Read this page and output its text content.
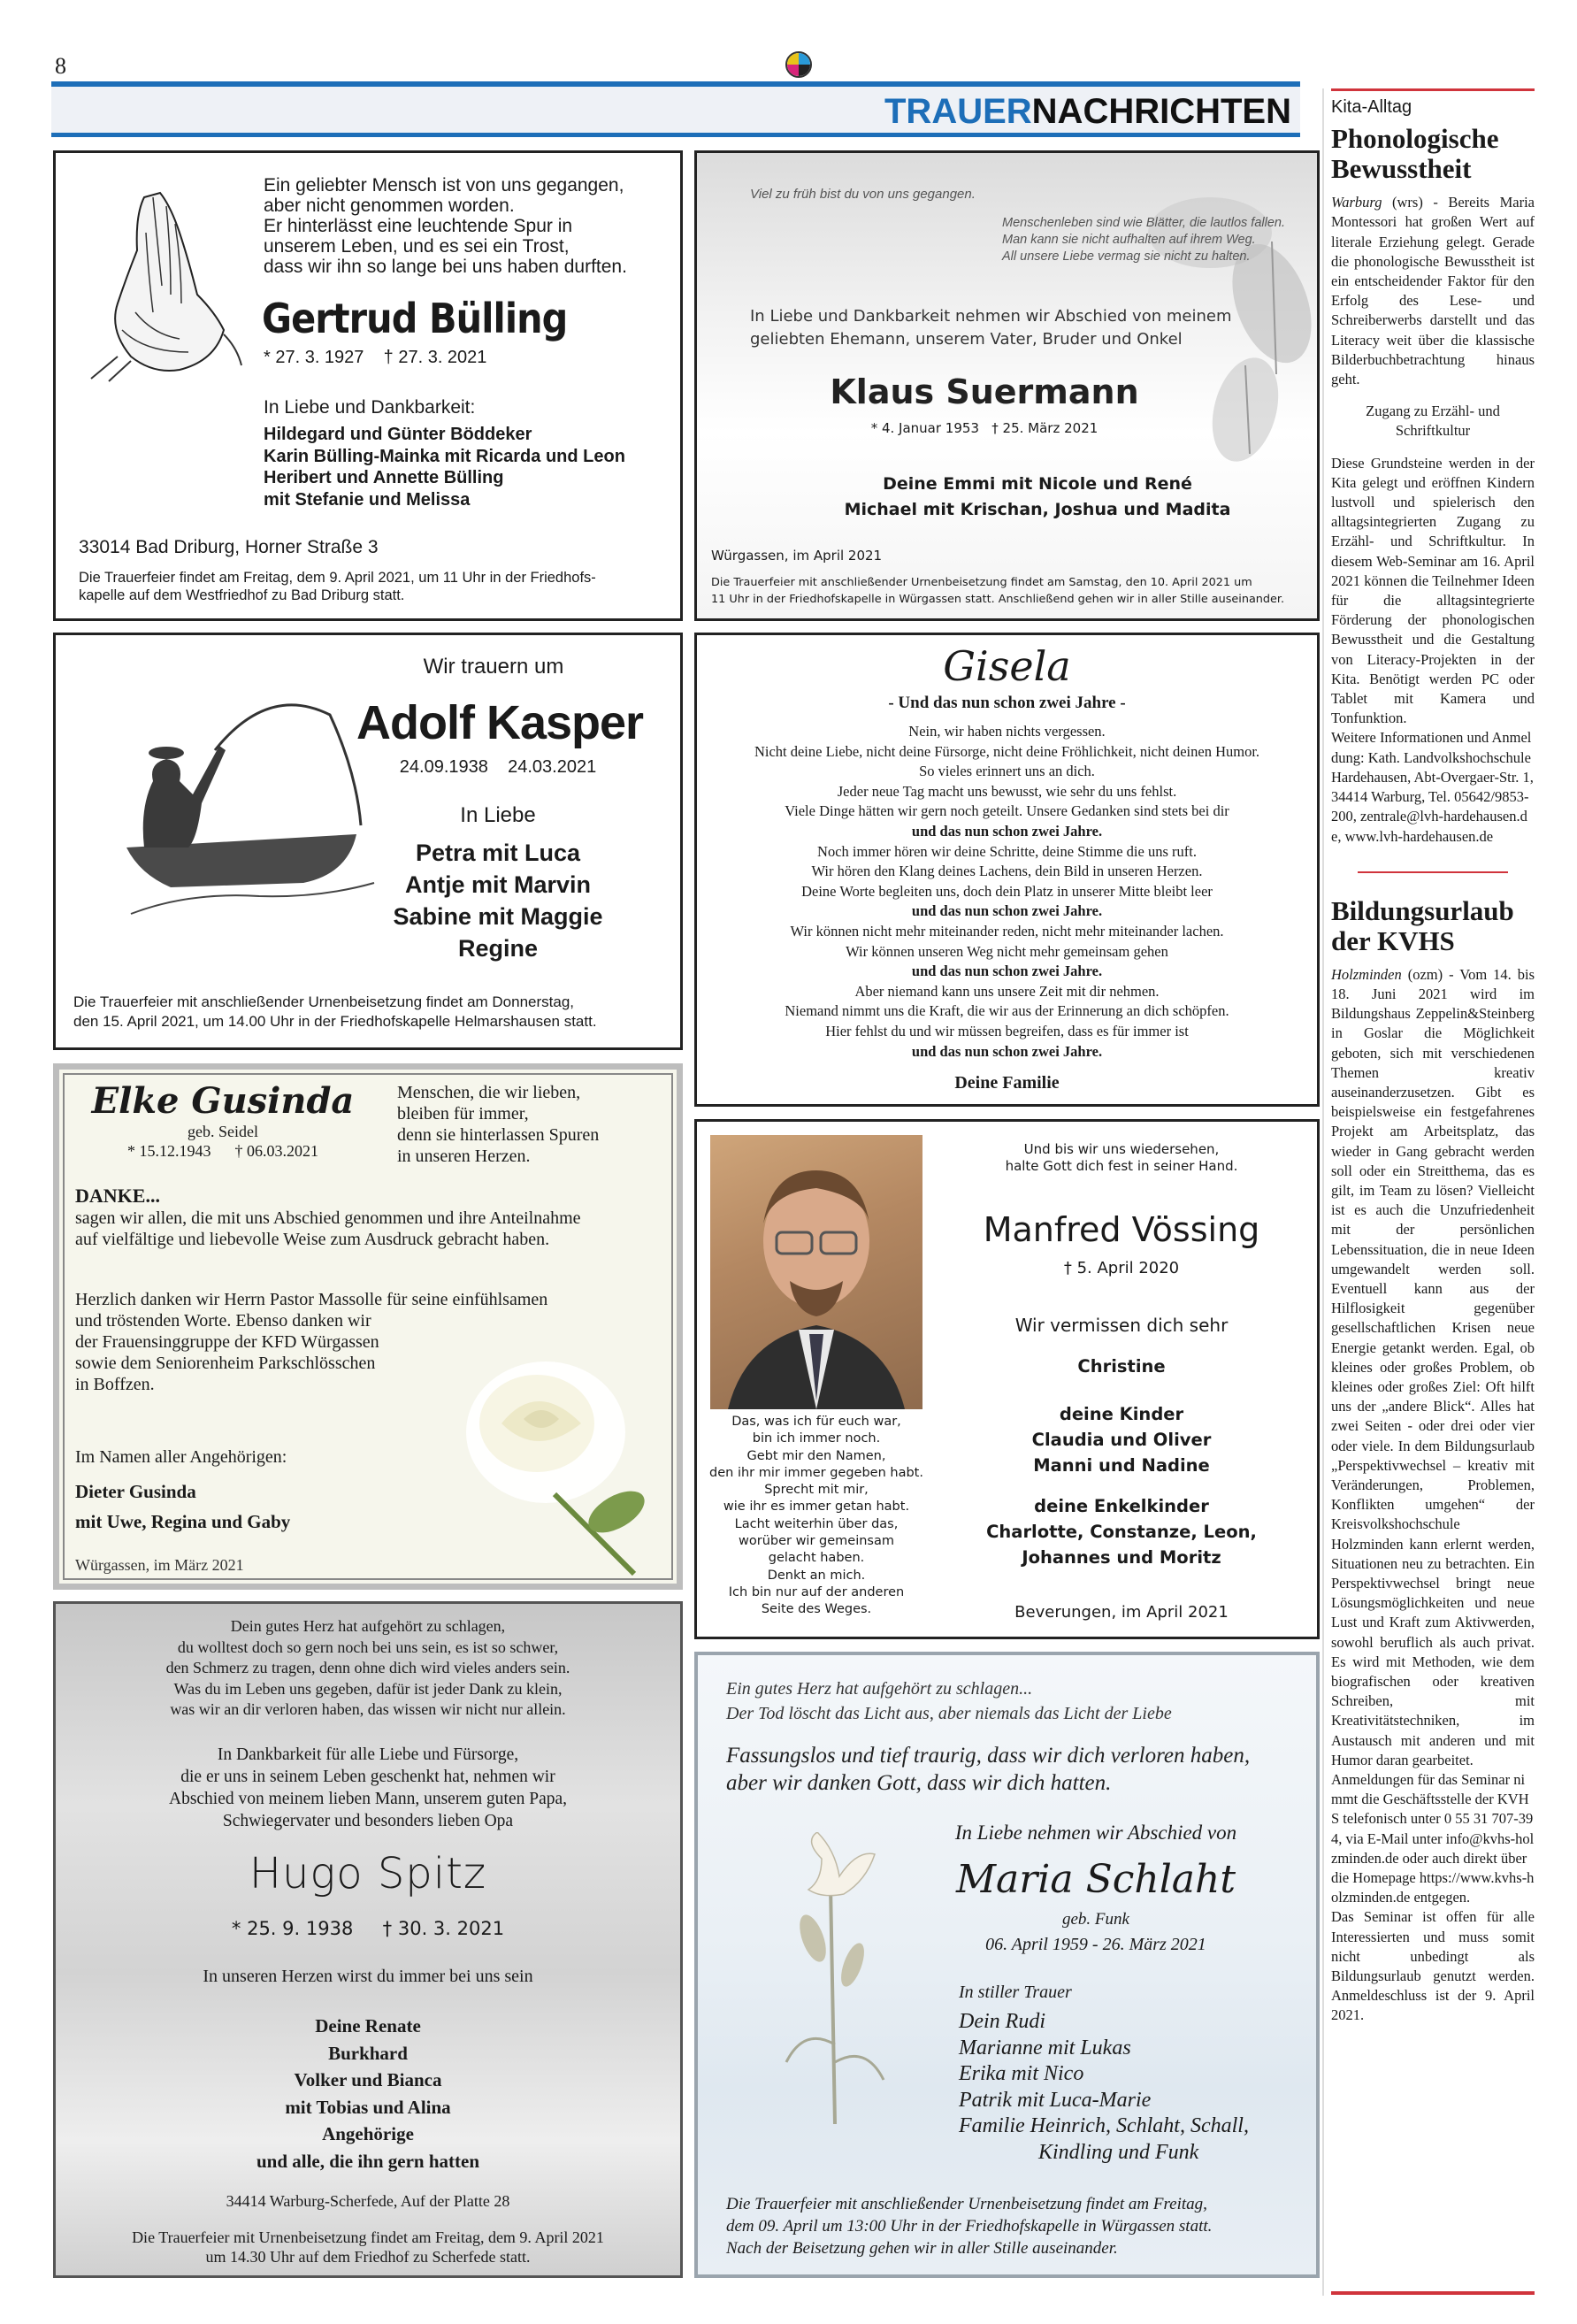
8
TRAUERNACHRICHTEN
Ein geliebter Mensch ist von uns gegangen,
aber nicht genommen worden.
Er hinterlässt eine leuchtende Spur in
unserem Leben, und es sei ein Trost,
dass wir ihn so lange bei uns haben durften.
Gertrud Bülling
* 27. 3. 1927    † 27. 3. 2021
In Liebe und Dankbarkeit:
Hildegard und Günter Böddeker
Karin Bülling-Mainka mit Ricarda und Leon
Heribert und Annette Bülling
mit Stefanie und Melissa
33014 Bad Driburg, Horner Straße 3
Die Trauerfeier findet am Freitag, dem 9. April 2021, um 11 Uhr in der Friedhofs-
kapelle auf dem Westfriedhof zu Bad Driburg statt.
Viel zu früh bist du von uns gegangen.
Menschenleben sind wie Blätter, die lautlos fallen.
Man kann sie nicht aufhalten auf ihrem Weg.
All unsere Liebe vermag sie nicht zu halten.
In Liebe und Dankbarkeit nehmen wir Abschied von meinem
geliebten Ehemann, unserem Vater, Bruder und Onkel
Klaus Suermann
* 4. Januar 1953   † 25. März 2021
Deine Emmi mit Nicole und René
Michael mit Krischan, Joshua und Madita
Würgassen, im April 2021
Die Trauerfeier mit anschließender Urnenbeisetzung findet am Samstag, den 10. April 2021 um
11 Uhr in der Friedhofskapelle in Würgassen statt. Anschließend gehen wir in aller Stille auseinander.
Wir trauern um
Adolf Kasper
24.09.1938    24.03.2021
In Liebe
Petra mit Luca
Antje mit Marvin
Sabine mit Maggie
Regine
Die Trauerfeier mit anschließender Urnenbeisetzung findet am Donnerstag,
den 15. April 2021, um 14.00 Uhr in der Friedhofskapelle Helmarshausen statt.
Gisela
- Und das nun schon zwei Jahre -
Nein, wir haben nichts vergessen.
Nicht deine Liebe, nicht deine Fürsorge, nicht deine Fröhlichkeit, nicht deinen Humor.
So vieles erinnert uns an dich.
Jeder neue Tag macht uns bewusst, wie sehr du uns fehlst.
Viele Dinge hätten wir gern noch geteilt. Unsere Gedanken sind stets bei dir
und das nun schon zwei Jahre.
Noch immer hören wir deine Schritte, deine Stimme die uns ruft.
Wir hören den Klang deines Lachens, dein Bild in unseren Herzen.
Deine Worte begleiten uns, doch dein Platz in unserer Mitte bleibt leer
und das nun schon zwei Jahre.
Wir können nicht mehr miteinander reden, nicht mehr miteinander lachen.
Wir können unseren Weg nicht mehr gemeinsam gehen
und das nun schon zwei Jahre.
Aber niemand kann uns unsere Zeit mit dir nehmen.
Niemand nimmt uns die Kraft, die wir aus der Erinnerung an dich schöpfen.
Hier fehlst du und wir müssen begreifen, dass es für immer ist
und das nun schon zwei Jahre.
Deine Familie
Elke Gusinda
geb. Seidel
* 15.12.1943      † 06.03.2021
Menschen, die wir lieben,
bleiben für immer,
denn sie hinterlassen Spuren
in unseren Herzen.
DANKE...
sagen wir allen, die mit uns Abschied genommen und ihre Anteilnahme
auf vielfältige und liebevolle Weise zum Ausdruck gebracht haben.
Herzlich danken wir Herrn Pastor Massolle für seine einfühlsamen
und tröstenden Worte. Ebenso danken wir
der Frauensinggruppe der KFD Würgassen
sowie dem Seniorenheim Parkschlösschen
in Boffzen.
Im Namen aller Angehörigen:
Dieter Gusinda
mit Uwe, Regina und Gaby
Würgassen, im März 2021
Das, was ich für euch war,
bin ich immer noch.
Gebt mir den Namen,
den ihr mir immer gegeben habt.
Sprecht mit mir,
wie ihr es immer getan habt.
Lacht weiterhin über das,
worüber wir gemeinsam
gelacht haben.
Denkt an mich.
Ich bin nur auf der anderen
Seite des Weges.
Und bis wir uns wiedersehen,
halte Gott dich fest in seiner Hand.
Manfred Vössing
† 5. April 2020
Wir vermissen dich sehr
Christine
deine Kinder
Claudia und Oliver
Manni und Nadine
deine Enkelkinder
Charlotte, Constanze, Leon,
Johannes und Moritz
Beverungen, im April 2021
Dein gutes Herz hat aufgehört zu schlagen,
du wolltest doch so gern noch bei uns sein, es ist so schwer,
den Schmerz zu tragen, denn ohne dich wird vieles anders sein.
Was du im Leben uns gegeben, dafür ist jeder Dank zu klein,
was wir an dir verloren haben, das wissen wir nicht nur allein.
In Dankbarkeit für alle Liebe und Fürsorge,
die er uns in seinem Leben geschenkt hat, nehmen wir
Abschied von meinem lieben Mann, unserem guten Papa,
Schwiegervater und besonders lieben Opa
Hugo Spitz
* 25. 9. 1938     † 30. 3. 2021
In unseren Herzen wirst du immer bei uns sein
Deine Renate
Burkhard
Volker und Bianca
mit Tobias und Alina
Angehörige
und alle, die ihn gern hatten
34414 Warburg-Scherfede, Auf der Platte 28
Die Trauerfeier mit Urnenbeisetzung findet am Freitag, dem 9. April 2021
um 14.30 Uhr auf dem Friedhof zu Scherfede statt.
Ein gutes Herz hat aufgehört zu schlagen...
Der Tod löscht das Licht aus, aber niemals das Licht der Liebe
Fassungslos und tief traurig, dass wir dich verloren haben,
aber wir danken Gott, dass wir dich hatten.
In Liebe nehmen wir Abschied von
Maria Schlaht
geb. Funk
06. April 1959 - 26. März 2021
In stiller Trauer
Dein Rudi
Marianne mit Lukas
Erika mit Nico
Patrik mit Luca-Marie
Familie Heinrich, Schlaht, Schall,
Kindling und Funk
Die Trauerfeier mit anschließender Urnenbeisetzung findet am Freitag,
dem 09. April um 13:00 Uhr in der Friedhofskapelle in Würgassen statt.
Nach der Beisetzung gehen wir in aller Stille auseinander.
Kita-Alltag
Phonologische Bewusstheit

Warburg (wrs) - Bereits Maria Montessori hat großen Wert auf literale Erziehung gelegt. Gerade die phonologische Bewusstheit ist ein entscheidender Faktor für den Erfolg des Lese- und Schreiberwerbs darstellt und das Literacy weit über die klassische Bilderbuchbetrachtung hinaus geht.

Zugang zu Erzähl- und Schriftkultur

Diese Grundsteine werden in der Kita gelegt und eröffnen Kindern lustvoll und spielerisch den alltagsintegrierten Zugang zu Erzähl- und Schriftkultur. In diesem Web-Seminar am 16. April 2021 können die Teilnehmer Ideen für die alltagsintegrierte Förderung der phonologischen Bewusstheit und die Gestaltung von Literacy-Projekten in der Kita. Benötigt werden PC oder Tablet mit Kamera und Tonfunktion.

Weitere Informationen und Anmeldung: Kath. Landvolkshochschule Hardehausen, Abt-Overgaer-Str. 1, 34414 Warburg, Tel. 05642/9853-200, zentrale@lvh-hardehausen.de, www.lvh-hardehausen.de

Bildungsurlaub der KVHS

Holzminden (ozm) - Vom 14. bis 18. Juni 2021 wird im Bildungshaus Zeppelin&Steinberg in Goslar die Möglichkeit geboten, sich mit verschiedenen Themen kreativ auseinanderzusetzen. Gibt es beispielsweise ein festgefahrenes Projekt am Arbeitsplatz, das wieder in Gang gebracht werden soll oder ein Streitthema, das es gilt, im Team zu lösen? Vielleicht ist es auch die Unzufriedenheit mit der persönlichen Lebenssituation, die in neue Ideen umgewandelt werden soll. Eventuell kann aus der Hilflosigkeit gegenüber gesellschaftlichen Krisen neue Energie getankt werden. Egal, ob kleines oder großes Problem, ob kleines oder großes Ziel: Oft hilft uns der „andere Blick“. Alles hat zwei Seiten - oder drei oder vier oder viele. In dem Bildungsurlaub „Perspektivwechsel – kreativ mit Veränderungen, Problemen, Konflikten umgehen“ der Kreisvolkshochschule Holzminden kann erlernt werden, Situationen neu zu betrachten. Ein Perspektivwechsel bringt neue Lösungsmöglichkeiten und neue Lust und Kraft zum Aktivwerden, sowohl beruflich als auch privat. Es wird mit Methoden, wie dem biografischen oder kreativen Schreiben, mit Kreativitätstechniken, im Austausch mit anderen und mit Humor daran gearbeitet.

Anmeldungen für das Seminar nimmt die Geschäftsstelle der KVHS telefonisch unter 0 55 31 707-394, via E-Mail unter info@kvhs-holzminden.de oder auch direkt über die Homepage https://www.kvhs-holzminden.de entgegen.

Das Seminar ist offen für alle Interessierten und muss somit nicht unbedingt als Bildungsurlaub genutzt werden. Anmeldeschluss ist der 9. April 2021.
